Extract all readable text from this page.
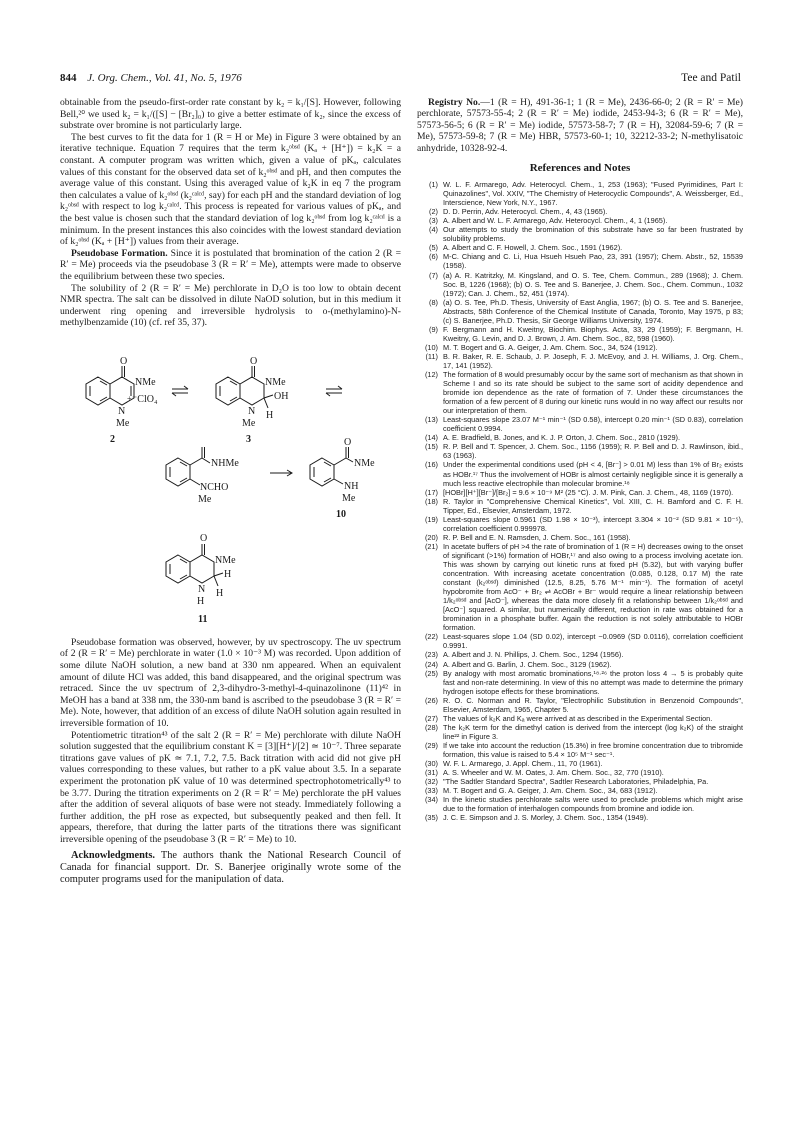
844 J. Org. Chem., Vol. 41, No. 5, 1976	Tee and Patil

obtainable from the pseudo-first-order rate constant by k₂ = k₁/[S]. However, following Bell,²⁰ we used k₂ = k₁/([S] − [Br₂]₀) to give a better estimate of k₂, since the excess of substrate over bromine is not particularly large.

The best curves to fit the data for 1 (R = H or Me) in Figure 3 were obtained by an iterative technique. Equation 7 requires that the term k₂ᵒᵇˢᵈ (Kₐ + [H⁺]) = k₂K = a constant. A computer program was written which, given a value of pKₐ, calculates values of this constant for the observed data set of k₂ᵒᵇˢᵈ and pH, and then computes the average value of this constant. Using this averaged value of k₂K in eq 7 the program then calculates a value of k₂ᵒᵇˢᵈ (k₂ᶜᵃˡᶜᵈ, say) for each pH and the standard deviation of log k₂ᵒᵇˢᵈ with respect to log k₂ᶜᵃˡᶜᵈ. This process is repeated for various values of pKₐ, and the best value is chosen such that the standard deviation of log k₂ᵒᵇˢᵈ from log k₂ᶜᵃˡᶜᵈ is a minimum. In the present instances this also coincides with the lowest standard deviation of k₂ᵒᵇˢᵈ (Kₐ + [H⁺]) values from their average.

Pseudobase Formation. Since it is postulated that bromination of the cation 2 (R = R′ = Me) proceeds via the pseudobase 3 (R = R′ = Me), attempts were made to observe the equilibrium between these two species.

The solubility of 2 (R = R′ = Me) perchlorate in D₂O is too low to obtain decent NMR spectra. The salt can be dissolved in dilute NaOD solution, but in this medium it underwent ring opening and irreversible hydrolysis to o-(methylamino)-N-methylbenzamide (10) (cf. ref 35, 37).

O
NMe
+ ⁻ClO₄
N
Me
2
O
NMe
OH
N
Me
H
3
NHMe
NCHO
Me
O
NMe
NH
Me
10
O
NMe
H
N
H
H
11

Pseudobase formation was observed, however, by uv spectroscopy. The uv spectrum of 2 (R = R′ = Me) perchlorate in water (1.0 × 10⁻³ M) was recorded. Upon addition of some dilute NaOH solution, a new band at 330 nm appeared. When an equivalent amount of dilute HCl was added, this band disappeared, and the original spectrum was retraced. Since the uv spectrum of 2,3-dihydro-3-methyl-4-quinazolinone (11)⁴² in MeOH has a band at 338 nm, the 330-nm band is ascribed to the pseudobase 3 (R = R′ = Me). Note, however, that addition of an excess of dilute NaOH solution again resulted in irreversible formation of 10.

Potentiometric titration⁴³ of the salt 2 (R = R′ = Me) perchlorate with dilute NaOH solution suggested that the equilibrium constant K = [3][H⁺]/[2] ≃ 10⁻⁷. Three separate titrations gave values of pK ≃ 7.1, 7.2, 7.5. Back titration with acid did not give pH values corresponding to these values, but rather to a pK value about 3.5. In a separate experiment the protonation pK value of 10 was determined spectrophotometrically⁴³ to be 3.77. During the titration experiments on 2 (R = R′ = Me) perchlorate the pH values after the addition of several aliquots of base were not steady. Immediately following a further addition, the pH rose as expected, but subsequently peaked and then fell. It appears, therefore, that during the latter parts of the titrations there was significant irreversible opening of the pseudobase 3 (R = R′ = Me) to 10.

Acknowledgments. The authors thank the National Research Council of Canada for financial support. Dr. S. Banerjee originally wrote some of the computer programs used for the manipulation of data.

Registry No.—1 (R = H), 491-36-1; 1 (R = Me), 2436-66-0; 2 (R = R′ = Me) perchlorate, 57573-55-4; 2 (R = R′ = Me) iodide, 2453-94-3; 6 (R = R′ = Me), 57573-56-5; 6 (R = R′ = Me) iodide, 57573-58-7; 7 (R = H), 32084-59-6; 7 (R = Me), 57573-59-8; 7 (R = Me) HBR, 57573-60-1; 10, 32212-33-2; N-methylisatoic anhydride, 10328-92-4.

References and Notes
(1) W. L. F. Armarego, Adv. Heterocycl. Chem., 1, 253 (1963); "Fused Pyrimidines, Part I: Quinazolines", Vol. XXIV, "The Chemistry of Heterocyclic Compounds", A. Weissberger, Ed., Interscience, New York, N.Y., 1967.
(2) D. D. Perrin, Adv. Heterocycl. Chem., 4, 43 (1965).
(3) A. Albert and W. L. F. Armarego, Adv. Heterocycl. Chem., 4, 1 (1965).
(4) Our attempts to study the bromination of this substrate have so far been frustrated by solubility problems.
(5) A. Albert and C. F. Howell, J. Chem. Soc., 1591 (1962).
(6) M-C. Chiang and C. Li, Hua Hsueh Hsueh Pao, 23, 391 (1957); Chem. Abstr., 52, 15539 (1958).
(7) (a) A. R. Katritzky, M. Kingsland, and O. S. Tee, Chem. Commun., 289 (1968); J. Chem. Soc. B, 1226 (1968); (b) O. S. Tee and S. Banerjee, J. Chem. Soc., Chem. Commun., 1032 (1972); Can. J. Chem., 52, 451 (1974).
(8) (a) O. S. Tee, Ph.D. Thesis, University of East Anglia, 1967; (b) O. S. Tee and S. Banerjee, Abstracts, 58th Conference of the Chemical Institute of Canada, Toronto, May 1975, p 83; (c) S. Banerjee, Ph.D. Thesis, Sir George Williams University, 1974.
(9) F. Bergmann and H. Kweitny, Biochim. Biophys. Acta, 33, 29 (1959); F. Bergmann, H. Kweitny, G. Levin, and D. J. Brown, J. Am. Chem. Soc., 82, 598 (1960).
(10) M. T. Bogert and G. A. Geiger, J. Am. Chem. Soc., 34, 524 (1912).
(11) B. R. Baker, R. E. Schaub, J. P. Joseph, F. J. McEvoy, and J. H. Williams, J. Org. Chem., 17, 141 (1952).
(12) The formation of 8 would presumably occur by the same sort of mechanism as that shown in Scheme I and so its rate should be subject to the same sort of acidity dependence and bromide ion dependence as the rate of formation of 7. Under these circumstances the formation of a few percent of 8 during our kinetic runs would in no way affect our results nor our interpretation of them.
(13) Least-squares slope 23.07 M⁻¹ min⁻¹ (SD 0.58), intercept 0.20 min⁻¹ (SD 0.83), correlation coefficient 0.9994.
(14) A. E. Bradfield, B. Jones, and K. J. P. Orton, J. Chem. Soc., 2810 (1929).
(15) R. P. Bell and T. Spencer, J. Chem. Soc., 1156 (1959); R. P. Bell and D. J. Rawlinson, ibid., 63 (1963).
(16) Under the experimental conditions used (pH < 4, [Br⁻] > 0.01 M) less than 1% of Br₂ exists as HOBr.¹⁷ Thus the involvement of HOBr is almost certainly negligible since it is generally a much less reactive electrophile than molecular bromine.¹⁸
(17) [HOBr][H⁺][Br⁻]/[Br₂] = 9.6 × 10⁻⁹ M² (25 °C). J. M. Pink, Can. J. Chem., 48, 1169 (1970).
(18) R. Taylor in "Comprehensive Chemical Kinetics", Vol. XIII, C. H. Bamford and C. F. H. Tipper, Ed., Elsevier, Amsterdam, 1972.
(19) Least-squares slope 0.5961 (SD 1.98 × 10⁻³), intercept 3.304 × 10⁻² (SD 9.81 × 10⁻⁵), correlation coefficient 0.999978.
(20) R. P. Bell and E. N. Ramsden, J. Chem. Soc., 161 (1958).
(21) In acetate buffers of pH >4 the rate of bromination of 1 (R = H) decreases owing to the onset of significant (>1%) formation of HOBr,¹⁷ and also owing to a process involving acetate ion. This was shown by carrying out kinetic runs at fixed pH (5.32), but with varying buffer concentration. With increasing acetate concentration (0.085, 0.128, 0.17 M) the rate constant (k₂ᵒᵇˢᵈ) diminished (12.5, 8.25, 5.76 M⁻¹ min⁻¹). The formation of acetyl hypobromite from AcO⁻ + Br₂ ⇌ AcOBr + Br⁻ would require a linear relationship between 1/k₂ᵒᵇˢᵈ and [AcO⁻], whereas the data more closely fit a relationship between 1/k₂ᵒᵇˢᵈ and [AcO⁻] squared. A similar, but numerically different, reduction in rate was obtained for a bromination in a phosphate buffer. Again the reduction is not solely attributable to HOBr formation.
(22) Least-squares slope 1.04 (SD 0.02), intercept −0.0969 (SD 0.0116), correlation coefficient 0.9991.
(23) A. Albert and J. N. Phillips, J. Chem. Soc., 1294 (1956).
(24) A. Albert and G. Barlin, J. Chem. Soc., 3129 (1962).
(25) By analogy with most aromatic brominations,¹⁸·²⁶ the proton loss 4 → 5 is probably quite fast and non-rate determining. In view of this no attempt was made to determine the primary hydrogen isotope effects for these brominations.
(26) R. O. C. Norman and R. Taylor, "Electrophilic Substitution in Benzenoid Compounds", Elsevier, Amsterdam, 1965, Chapter 5.
(27) The values of k₂K and Kₐ were arrived at as described in the Experimental Section.
(28) The k₂K term for the dimethyl cation is derived from the intercept (log k₂K) of the straight line²² in Figure 3.
(29) If we take into account the reduction (15.3%) in free bromine concentration due to tribromide formation, this value is raised to 5.4 × 10⁵ M⁻¹ sec⁻¹.
(30) W. F. L. Armarego, J. Appl. Chem., 11, 70 (1961).
(31) A. S. Wheeler and W. M. Oates, J. Am. Chem. Soc., 32, 770 (1910).
(32) "The Sadtler Standard Spectra", Sadtler Research Laboratories, Philadelphia, Pa.
(33) M. T. Bogert and G. A. Geiger, J. Am. Chem. Soc., 34, 683 (1912).
(34) In the kinetic studies perchlorate salts were used to preclude problems which might arise due to the formation of interhalogen compounds from bromine and iodide ion.
(35) J. C. E. Simpson and J. S. Morley, J. Chem. Soc., 1354 (1949).
